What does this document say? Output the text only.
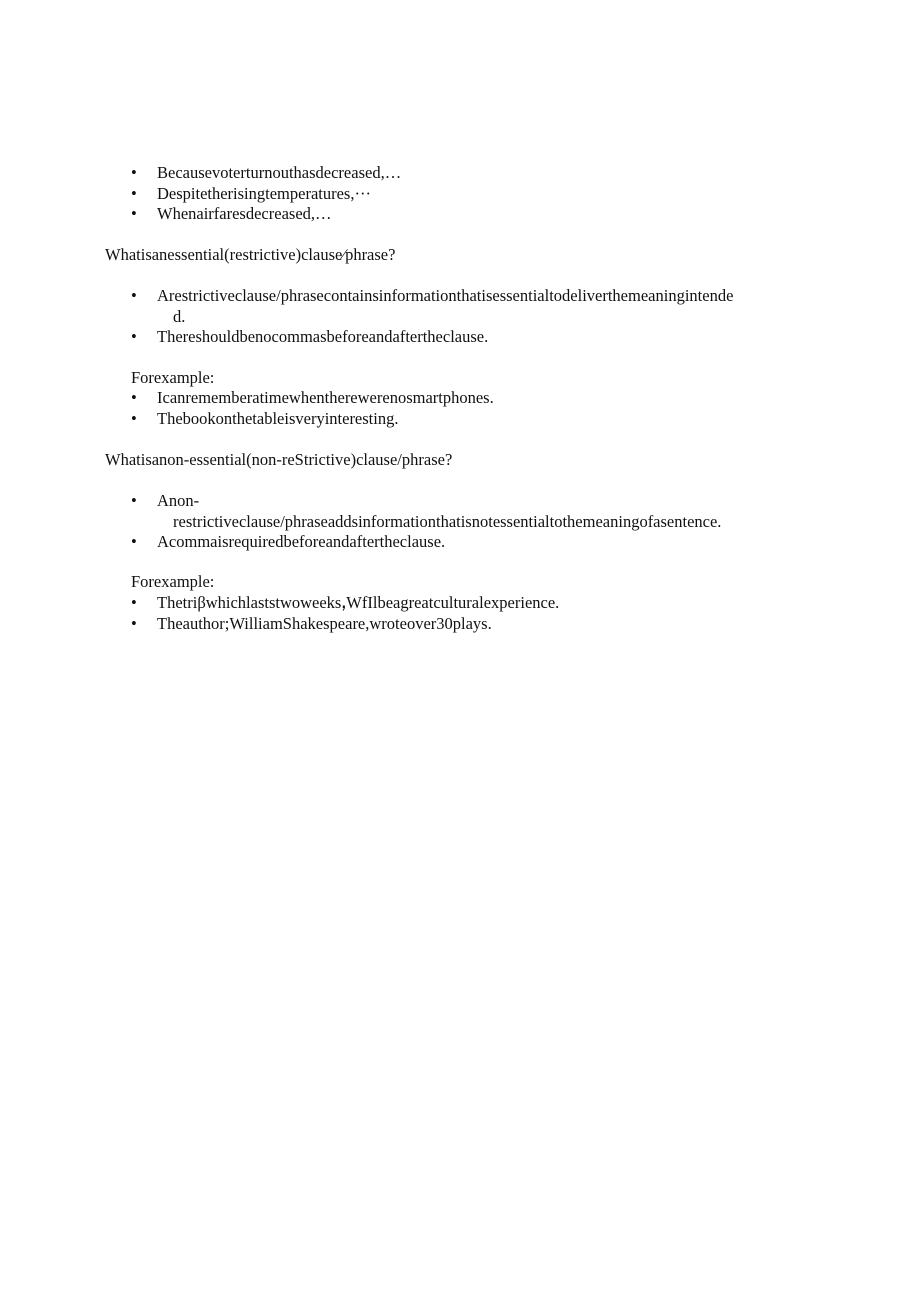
• Becausevoterturnouthasdecreased,…
• Despitetherisingtemperatures,···
• Whenairfaresdecreased,…
Whatisanessential(restrictive)clause∕phrase?
• Arestrictiveclause/phrasecontainsinformationthatisessentialtodeliverthemeaningintende
d.
• Thereshouldbenocommasbeforeandaftertheclause.
Forexample:
• Icanrememberatimewhentherewerenosmartphones.
• Thebookonthetableisveryinteresting.
Whatisanon-essential(non-reStrictive)clause/phrase?
• Anon-
restrictiveclause/phraseaddsinformationthatisnotessentialtothemeaningofasentence.
• Acommaisrequiredbeforeandaftertheclause.
Forexample:
• ThetriβwhichlaststwoweeksꓹWfIlbeagreatculturalexperience.
• Theauthor;WilliamShakespeare,wroteover30plays.
